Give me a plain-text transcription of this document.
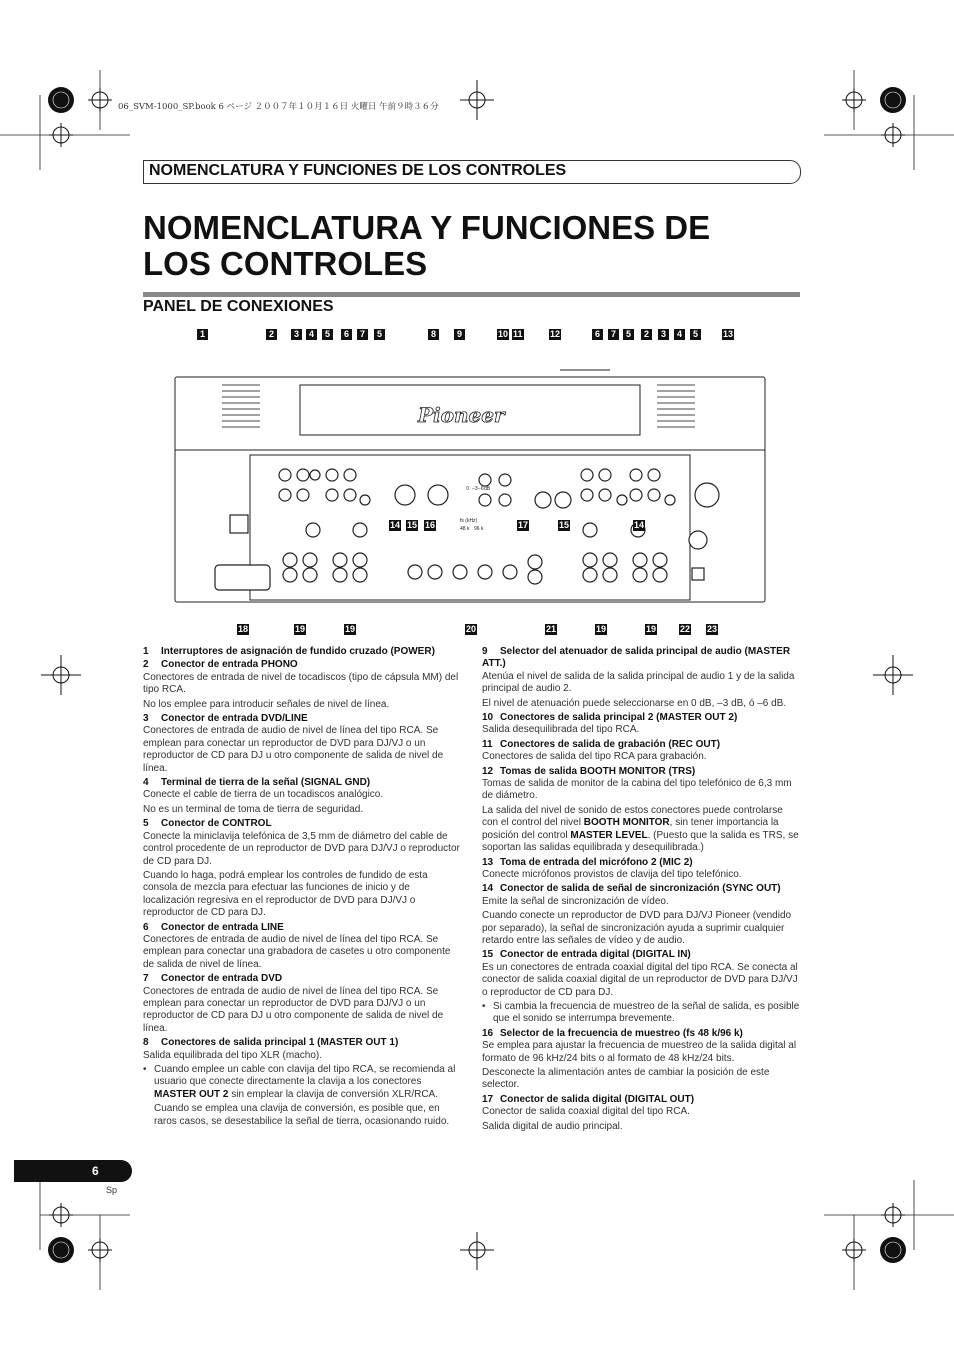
06_SVM-1000_SP.book 6 ページ ２００７年１０月１６日 火曜日 午前９時３６分
NOMENCLATURA Y FUNCIONES DE LOS CONTROLES
NOMENCLATURA Y FUNCIONES DE LOS CONTROLES
PANEL DE CONEXIONES
Pioneer
0 −3 −6 dB
fs (kHz)
48 k 96 k
1	2	3	4	5	6	7	5	8	9	10 11	12	6	7	5	2	3	4	5	13
14 15 16	17	15	14
18	19	19	20	21	19	19	22 23
1 Interruptores de asignación de fundido cruzado (POWER)
2 Conector de entrada PHONO
Conectores de entrada de nivel de tocadiscos (tipo de cápsula MM) del tipo RCA.
No los emplee para introducir señales de nivel de línea.
3 Conector de entrada DVD/LINE
Conectores de entrada de audio de nivel de línea del tipo RCA. Se emplean para conectar un reproductor de DVD para DJ/VJ o un reproductor de CD para DJ u otro componente de salida de nivel de línea.
4 Terminal de tierra de la señal (SIGNAL GND)
Conecte el cable de tierra de un tocadiscos analógico.
No es un terminal de toma de tierra de seguridad.
5 Conector de CONTROL
Conecte la miniclavija telefónica de 3,5 mm de diámetro del cable de control procedente de un reproductor de DVD para DJ/VJ o reproductor de CD para DJ.
Cuando lo haga, podrá emplear los controles de fundido de esta consola de mezcla para efectuar las funciones de inicio y de localización regresiva en el reproductor de DVD para DJ/VJ o reproductor de CD para DJ.
6 Conector de entrada LINE
Conectores de entrada de audio de nivel de línea del tipo RCA. Se emplean para conectar una grabadora de casetes u otro componente de salida de nivel de línea.
7 Conector de entrada DVD
Conectores de entrada de audio de nivel de línea del tipo RCA. Se emplean para conectar un reproductor de DVD para DJ/VJ o un reproductor de CD para DJ u otro componente de salida de nivel de línea.
8 Conectores de salida principal 1 (MASTER OUT 1)
Salida equilibrada del tipo XLR (macho).
• Cuando emplee un cable con clavija del tipo RCA, se recomienda al usuario que conecte directamente la clavija a los conectores MASTER OUT 2 sin emplear la clavija de conversión XLR/RCA.
Cuando se emplea una clavija de conversión, es posible que, en raros casos, se desestabilice la señal de tierra, ocasionando ruido.
9 Selector del atenuador de salida principal de audio (MASTER ATT.)
Atenúa el nivel de salida de la salida principal de audio 1 y de la salida principal de audio 2.
El nivel de atenuación puede seleccionarse en 0 dB, –3 dB, ó –6 dB.
10 Conectores de salida principal 2 (MASTER OUT 2)
Salida desequilibrada del tipo RCA.
11 Conectores de salida de grabación (REC OUT)
Conectores de salida del tipo RCA para grabación.
12 Tomas de salida BOOTH MONITOR (TRS)
Tomas de salida de monitor de la cabina del tipo telefónico de 6,3 mm de diámetro.
La salida del nivel de sonido de estos conectores puede controlarse con el control del nivel BOOTH MONITOR, sin tener importancia la posición del control MASTER LEVEL. (Puesto que la salida es TRS, se soportan las salidas equilibrada y desequilibrada.)
13 Toma de entrada del micrófono 2 (MIC 2)
Conecte micrófonos provistos de clavija del tipo telefónico.
14 Conector de salida de señal de sincronización (SYNC OUT)
Emite la señal de sincronización de vídeo.
Cuando conecte un reproductor de DVD para DJ/VJ Pioneer (vendido por separado), la señal de sincronización ayuda a suprimir cualquier retardo entre las señales de vídeo y de audio.
15 Conector de entrada digital (DIGITAL IN)
Es un conectores de entrada coaxial digital del tipo RCA. Se conecta al conector de salida coaxial digital de un reproductor de DVD para DJ/VJ o reproductor de CD para DJ.
• Si cambia la frecuencia de muestreo de la señal de salida, es posible que el sonido se interrumpa brevemente.
16 Selector de la frecuencia de muestreo (fs 48 k/96 k)
Se emplea para ajustar la frecuencia de muestreo de la salida digital al formato de 96 kHz/24 bits o al formato de 48 kHz/24 bits.
Desconecte la alimentación antes de cambiar la posición de este selector.
17 Conector de salida digital (DIGITAL OUT)
Conector de salida coaxial digital del tipo RCA.
Salida digital de audio principal.
6
Sp
